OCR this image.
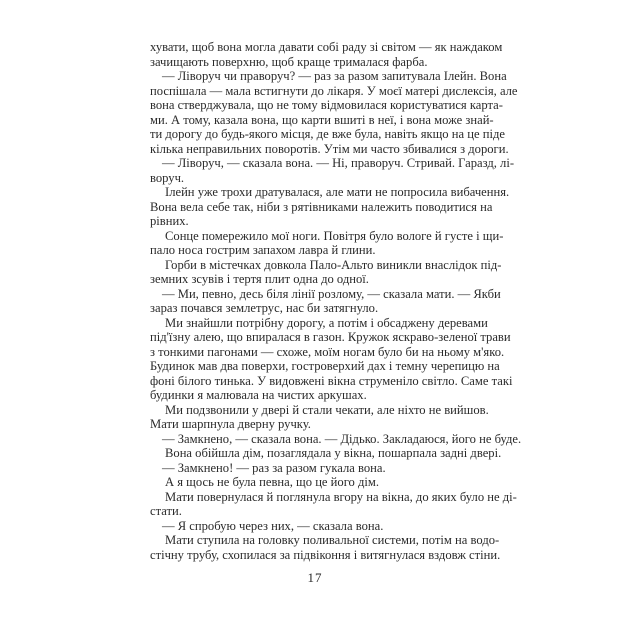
хувати, щоб вона могла давати собі раду зі світом — як наждаком
зачищають поверхню, щоб краще трималася фарба.
— Ліворуч чи праворуч? — раз за разом запитувала Ілейн. Вона
поспішала — мала встигнути до лікаря. У моєї матері дислексія, але
вона стверджувала, що не тому відмовилася користуватися карта-
ми. А тому, казала вона, що карти вшиті в неї, і вона може знай-
ти дорогу до будь-якого місця, де вже була, навіть якщо на це піде
кілька неправильних поворотів. Утім ми часто збивалися з дороги.
— Ліворуч, — сказала вона. — Ні, праворуч. Стривай. Гаразд, лі-
воруч.
Ілейн уже трохи дратувалася, але мати не попросила вибачення.
Вона вела себе так, ніби з рятівниками належить поводитися на
рівних.
Сонце помережило мої ноги. Повітря було вологе й густе і щи-
пало носа гострим запахом лавра й глини.
Горби в містечках довкола Пало-Альто виникли внаслідок під-
земних зсувів і тертя плит одна до одної.
— Ми, певно, десь біля лінії розлому, — сказала мати. — Якби
зараз почався землетрус, нас би затягнуло.
Ми знайшли потрібну дорогу, а потім і обсаджену деревами
під'їзну алею, що впиралася в газон. Кружок яскраво-зеленої трави
з тонкими пагонами — схоже, моїм ногам було би на ньому м'яко.
Будинок мав два поверхи, гостроверхий дах і темну черепицю на
фоні білого тинька. У видовжені вікна струменіло світло. Саме такі
будинки я малювала на чистих аркушах.
Ми подзвонили у двері й стали чекати, але ніхто не вийшов.
Мати шарпнула дверну ручку.
— Замкнено, — сказала вона. — Дідько. Закладаюся, його не буде.
Вона обійшла дім, позаглядала у вікна, пошарпала задні двері.
— Замкнено! — раз за разом гукала вона.
А я щось не була певна, що це його дім.
Мати повернулася й поглянула вгору на вікна, до яких було не ді-
стати.
— Я спробую через них, — сказала вона.
Мати ступила на головку поливальної системи, потім на водо-
стічну трубу, схопилася за підвіконня і витягнулася вздовж стіни.
17
